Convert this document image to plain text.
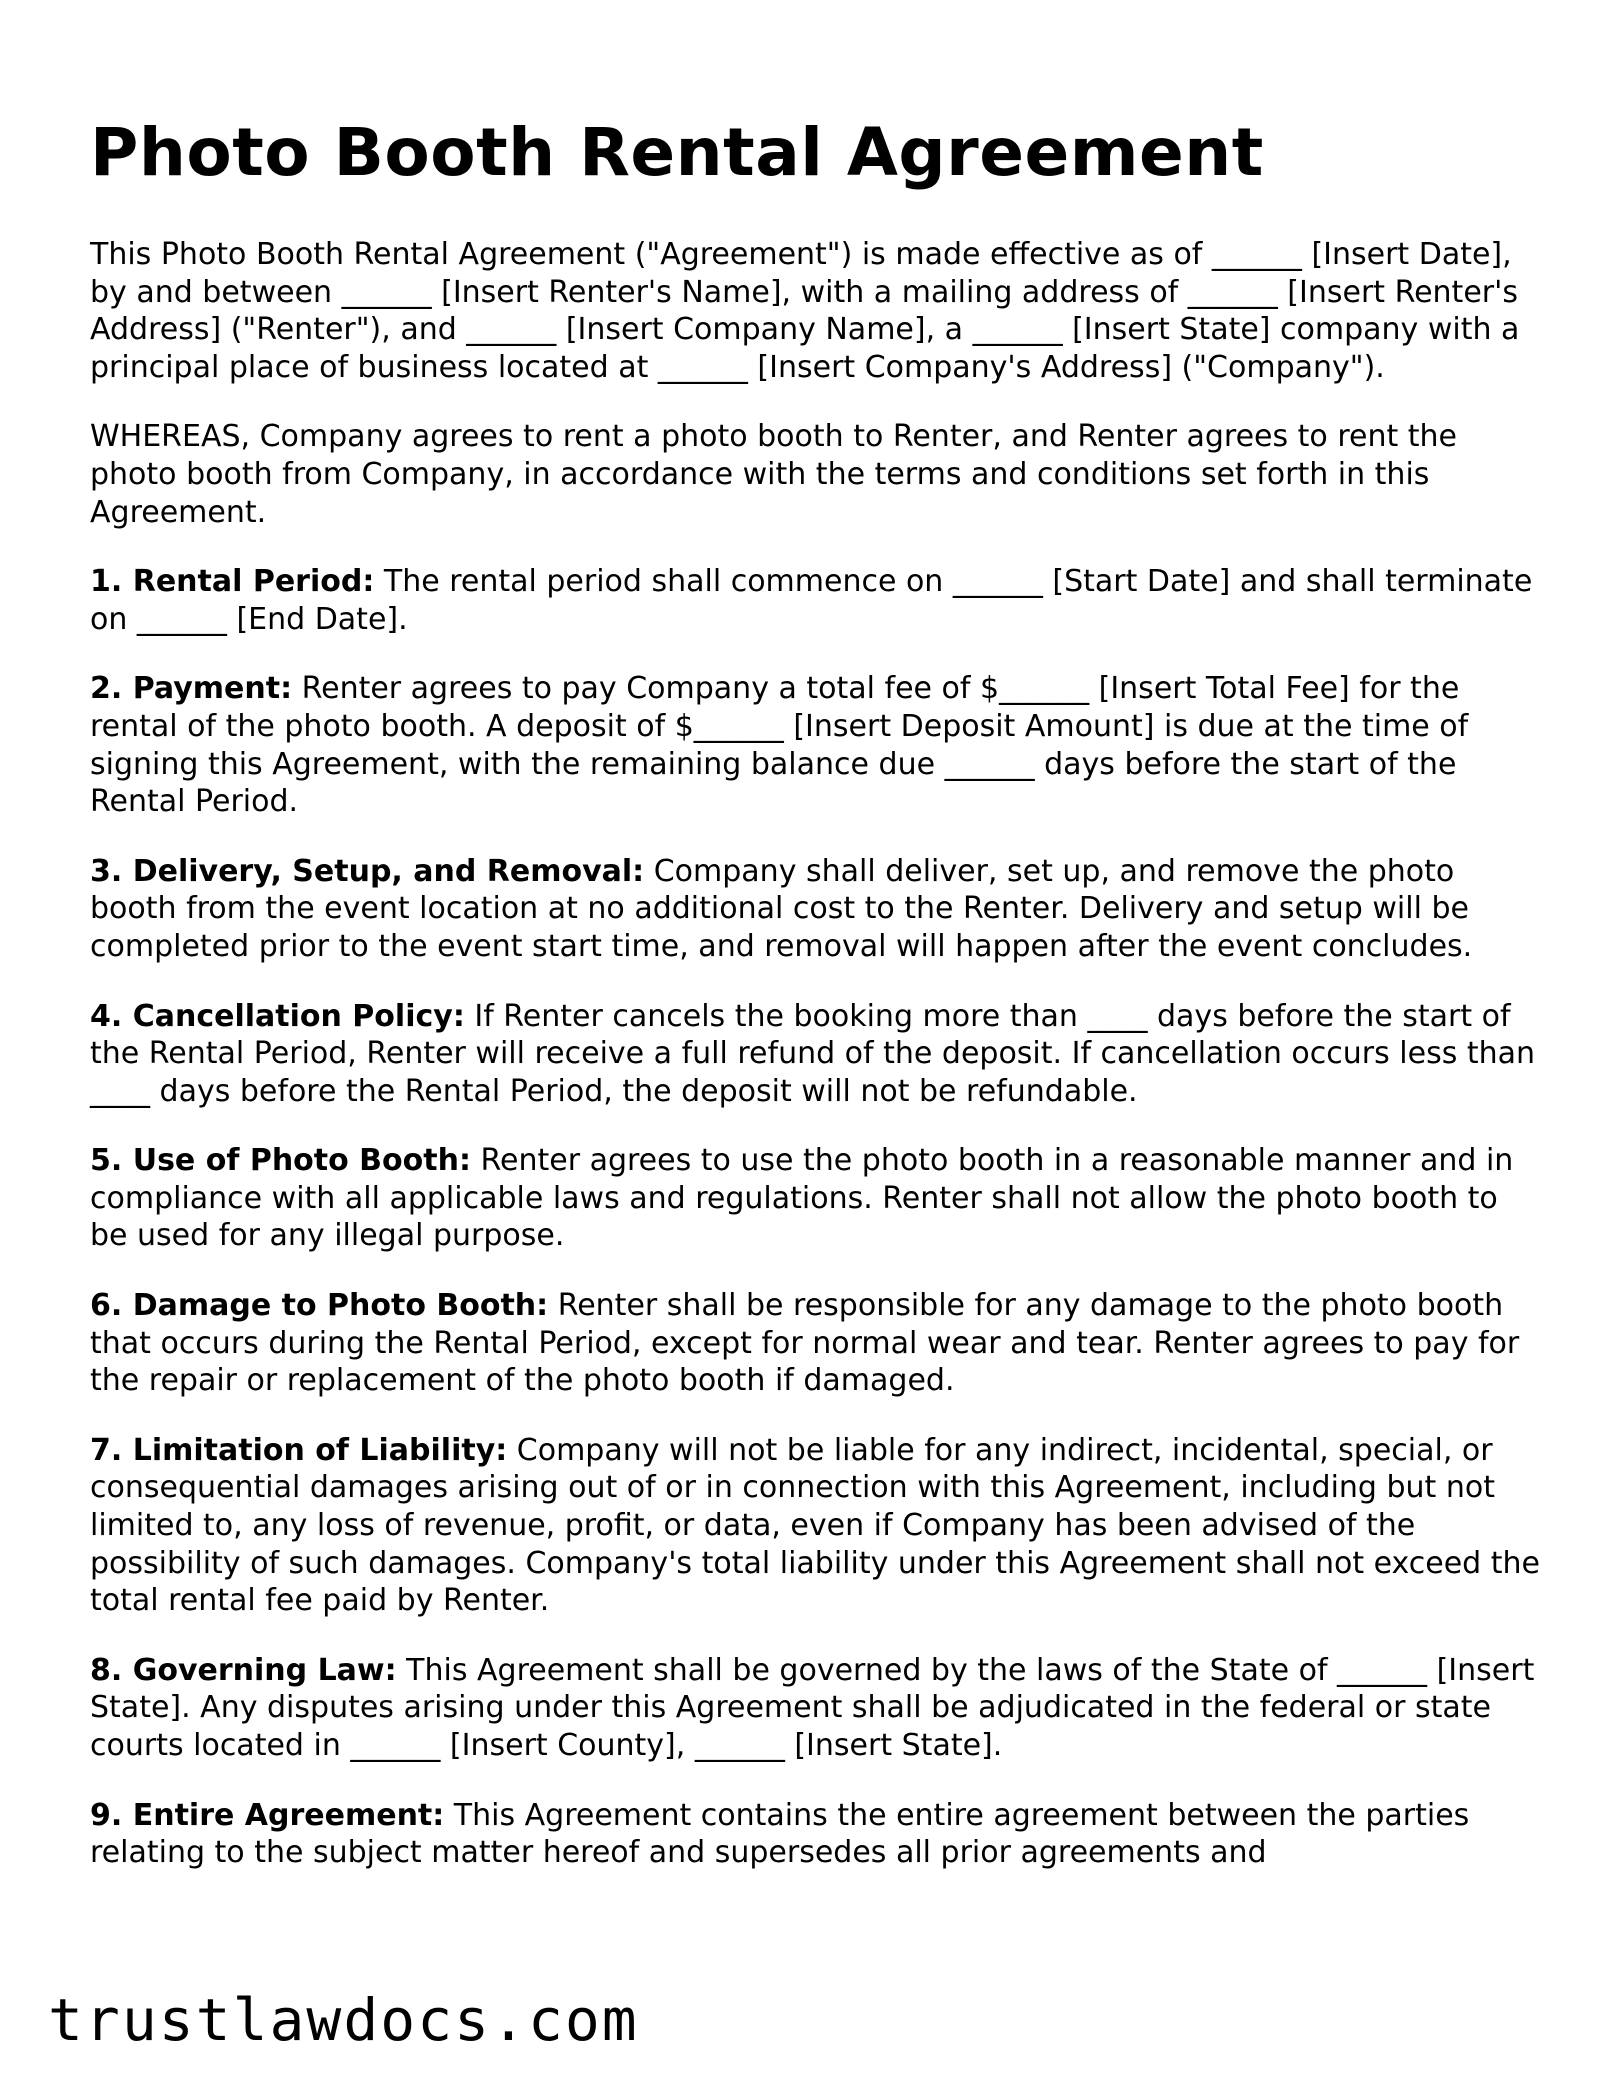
Photo Booth Rental Agreement

This Photo Booth Rental Agreement ("Agreement") is made effective as of ______ [Insert Date], by and between ______ [Insert Renter's Name], with a mailing address of ______ [Insert Renter's Address] ("Renter"), and ______ [Insert Company Name], a ______ [Insert State] company with a principal place of business located at ______ [Insert Company's Address] ("Company").

WHEREAS, Company agrees to rent a photo booth to Renter, and Renter agrees to rent the photo booth from Company, in accordance with the terms and conditions set forth in this Agreement.

1. Rental Period: The rental period shall commence on ______ [Start Date] and shall terminate on ______ [End Date].

2. Payment: Renter agrees to pay Company a total fee of $______ [Insert Total Fee] for the rental of the photo booth. A deposit of $______ [Insert Deposit Amount] is due at the time of signing this Agreement, with the remaining balance due ______ days before the start of the Rental Period.

3. Delivery, Setup, and Removal: Company shall deliver, set up, and remove the photo booth from the event location at no additional cost to the Renter. Delivery and setup will be completed prior to the event start time, and removal will happen after the event concludes.

4. Cancellation Policy: If Renter cancels the booking more than ____ days before the start of the Rental Period, Renter will receive a full refund of the deposit. If cancellation occurs less than ____ days before the Rental Period, the deposit will not be refundable.

5. Use of Photo Booth: Renter agrees to use the photo booth in a reasonable manner and in compliance with all applicable laws and regulations. Renter shall not allow the photo booth to be used for any illegal purpose.

6. Damage to Photo Booth: Renter shall be responsible for any damage to the photo booth that occurs during the Rental Period, except for normal wear and tear. Renter agrees to pay for the repair or replacement of the photo booth if damaged.

7. Limitation of Liability: Company will not be liable for any indirect, incidental, special, or consequential damages arising out of or in connection with this Agreement, including but not limited to, any loss of revenue, profit, or data, even if Company has been advised of the possibility of such damages. Company's total liability under this Agreement shall not exceed the total rental fee paid by Renter.

8. Governing Law: This Agreement shall be governed by the laws of the State of ______ [Insert State]. Any disputes arising under this Agreement shall be adjudicated in the federal or state courts located in ______ [Insert County], ______ [Insert State].

9. Entire Agreement: This Agreement contains the entire agreement between the parties relating to the subject matter hereof and supersedes all prior agreements and

trustlawdocs.com
